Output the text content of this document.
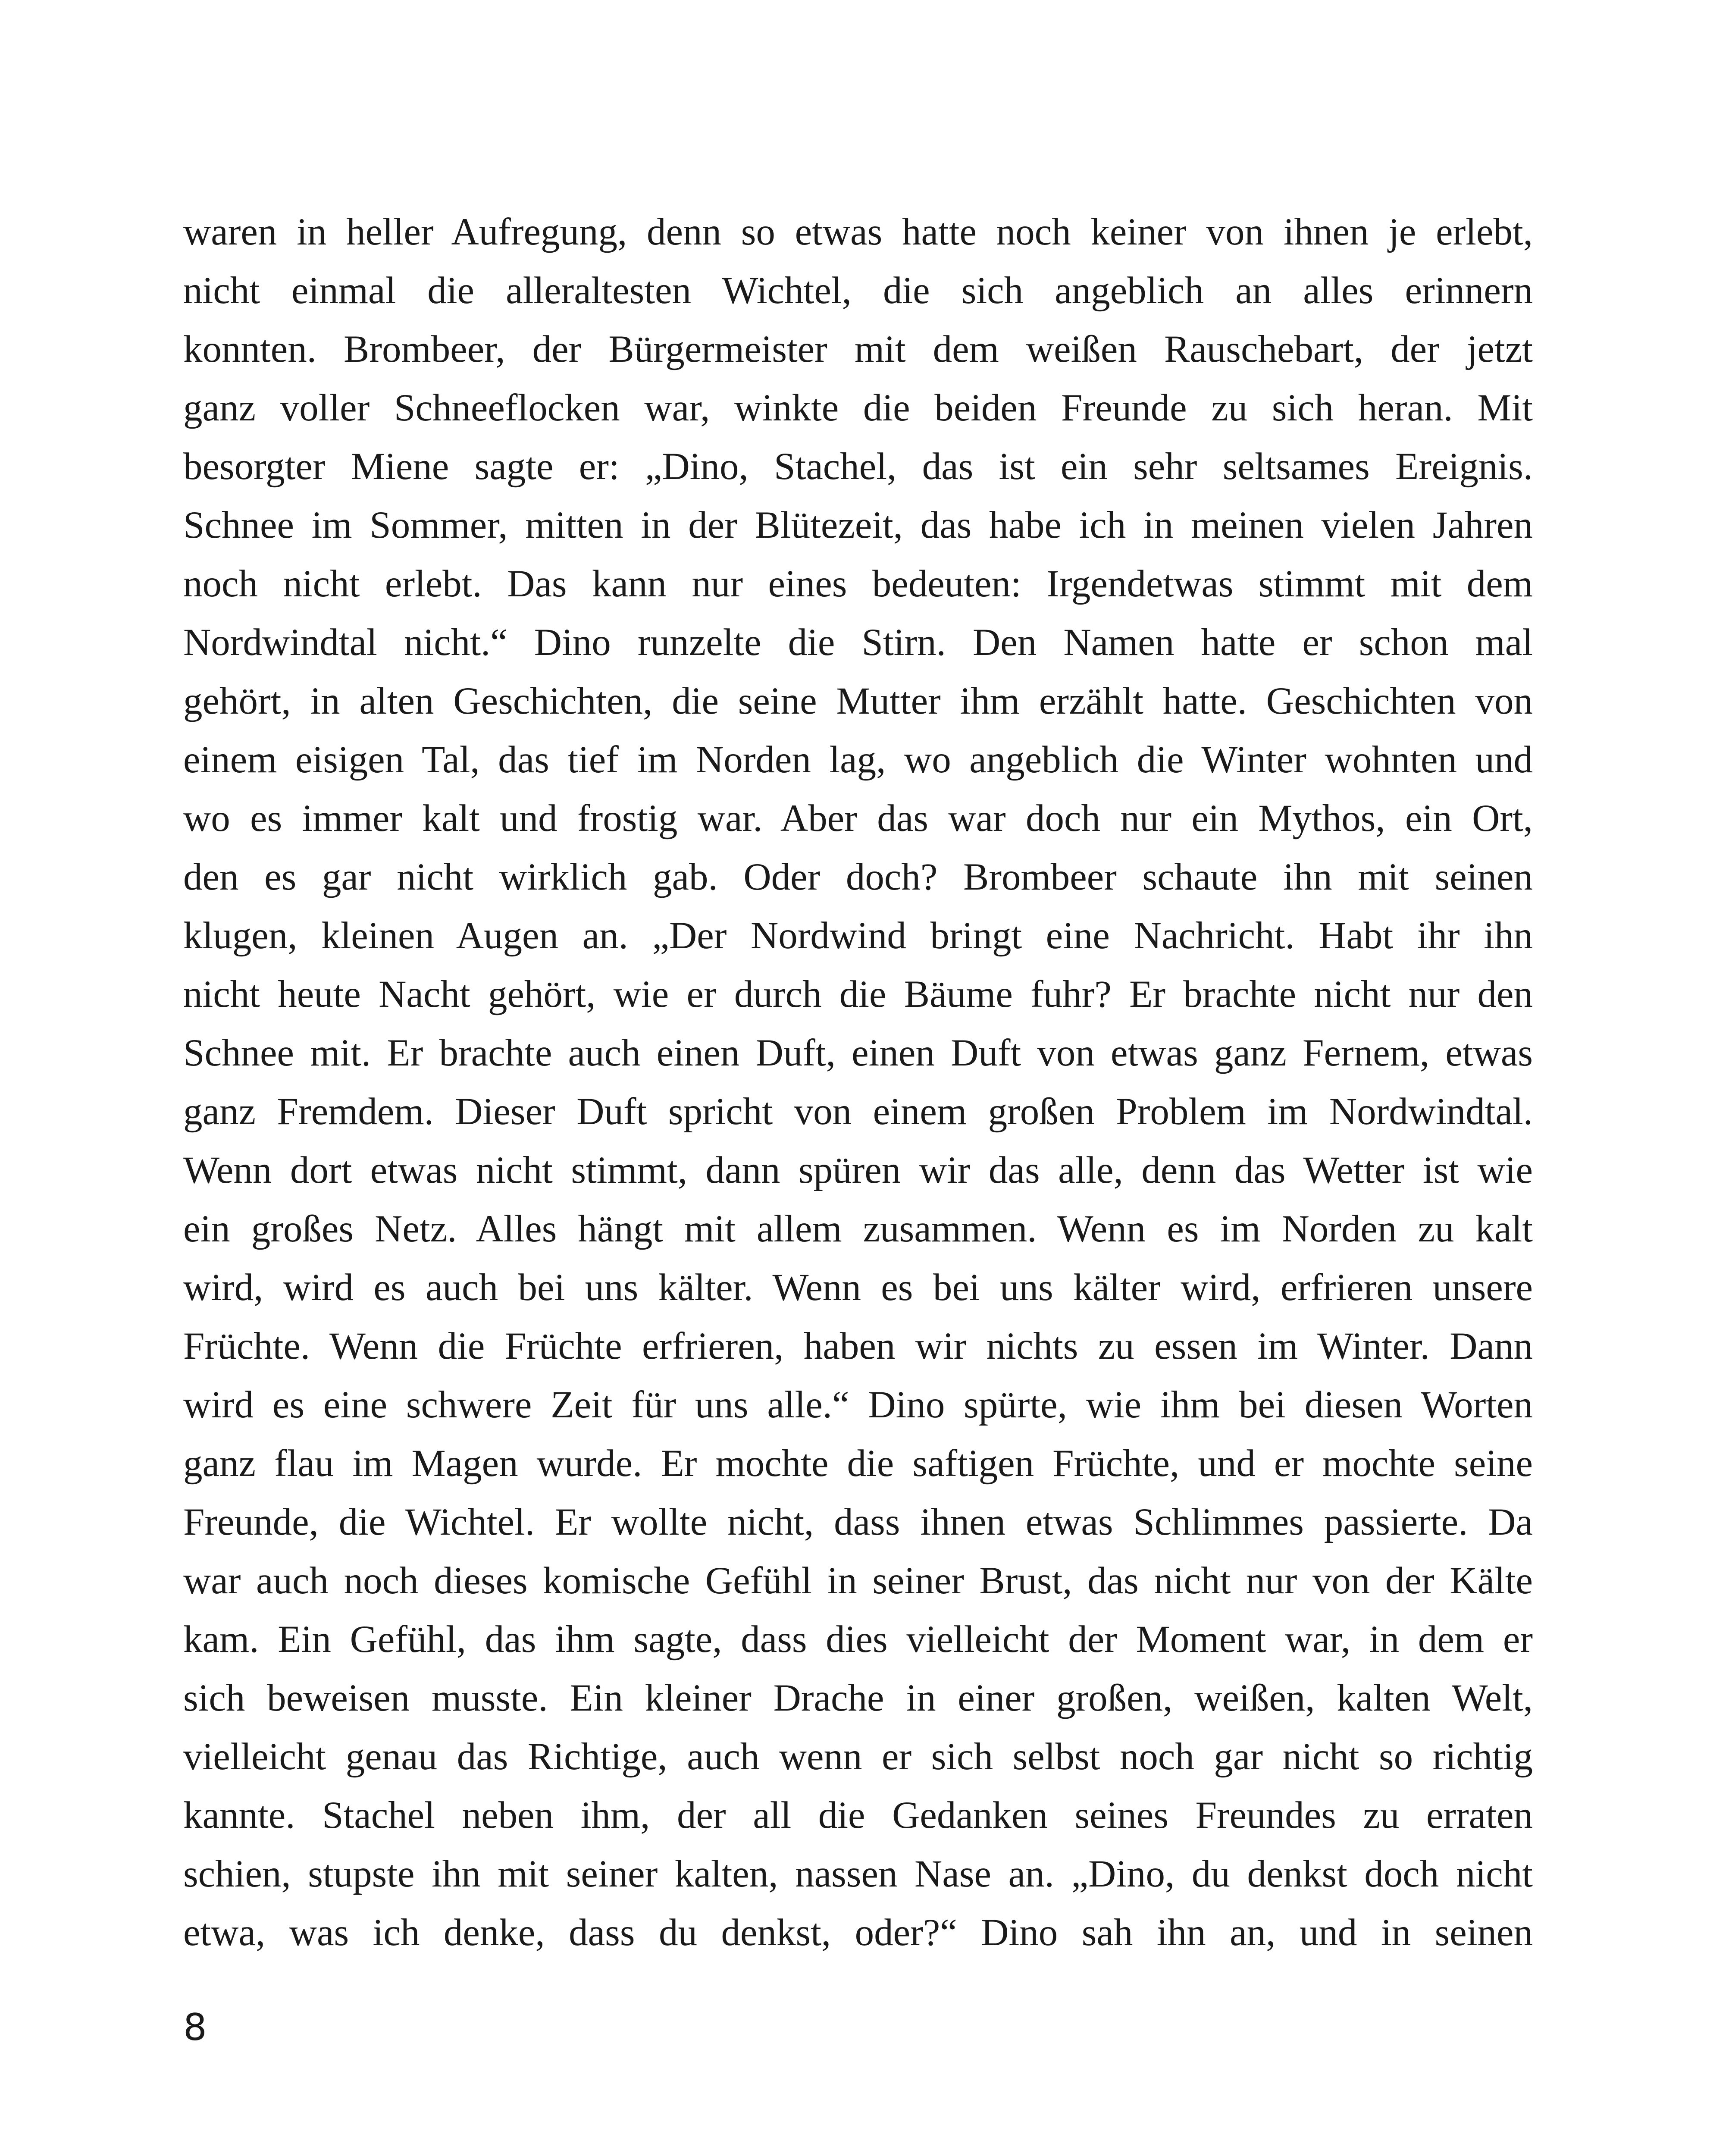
waren in heller Aufregung, denn so etwas hatte noch keiner von ihnen je erlebt,
nicht einmal die alleraltesten Wichtel, die sich angeblich an alles erinnern
konnten. Brombeer, der Bürgermeister mit dem weißen Rauschebart, der jetzt
ganz voller Schneeflocken war, winkte die beiden Freunde zu sich heran. Mit
besorgter Miene sagte er: „Dino, Stachel, das ist ein sehr seltsames Ereignis.
Schnee im Sommer, mitten in der Blütezeit, das habe ich in meinen vielen Jahren
noch nicht erlebt. Das kann nur eines bedeuten: Irgendetwas stimmt mit dem
Nordwindtal nicht.“ Dino runzelte die Stirn. Den Namen hatte er schon mal
gehört, in alten Geschichten, die seine Mutter ihm erzählt hatte. Geschichten von
einem eisigen Tal, das tief im Norden lag, wo angeblich die Winter wohnten und
wo es immer kalt und frostig war. Aber das war doch nur ein Mythos, ein Ort,
den es gar nicht wirklich gab. Oder doch? Brombeer schaute ihn mit seinen
klugen, kleinen Augen an. „Der Nordwind bringt eine Nachricht. Habt ihr ihn
nicht heute Nacht gehört, wie er durch die Bäume fuhr? Er brachte nicht nur den
Schnee mit. Er brachte auch einen Duft, einen Duft von etwas ganz Fernem, etwas
ganz Fremdem. Dieser Duft spricht von einem großen Problem im Nordwindtal.
Wenn dort etwas nicht stimmt, dann spüren wir das alle, denn das Wetter ist wie
ein großes Netz. Alles hängt mit allem zusammen. Wenn es im Norden zu kalt
wird, wird es auch bei uns kälter. Wenn es bei uns kälter wird, erfrieren unsere
Früchte. Wenn die Früchte erfrieren, haben wir nichts zu essen im Winter. Dann
wird es eine schwere Zeit für uns alle.“ Dino spürte, wie ihm bei diesen Worten
ganz flau im Magen wurde. Er mochte die saftigen Früchte, und er mochte seine
Freunde, die Wichtel. Er wollte nicht, dass ihnen etwas Schlimmes passierte. Da
war auch noch dieses komische Gefühl in seiner Brust, das nicht nur von der Kälte
kam. Ein Gefühl, das ihm sagte, dass dies vielleicht der Moment war, in dem er
sich beweisen musste. Ein kleiner Drache in einer großen, weißen, kalten Welt,
vielleicht genau das Richtige, auch wenn er sich selbst noch gar nicht so richtig
kannte. Stachel neben ihm, der all die Gedanken seines Freundes zu erraten
schien, stupste ihn mit seiner kalten, nassen Nase an. „Dino, du denkst doch nicht
etwa, was ich denke, dass du denkst, oder?“ Dino sah ihn an, und in seinen
8
